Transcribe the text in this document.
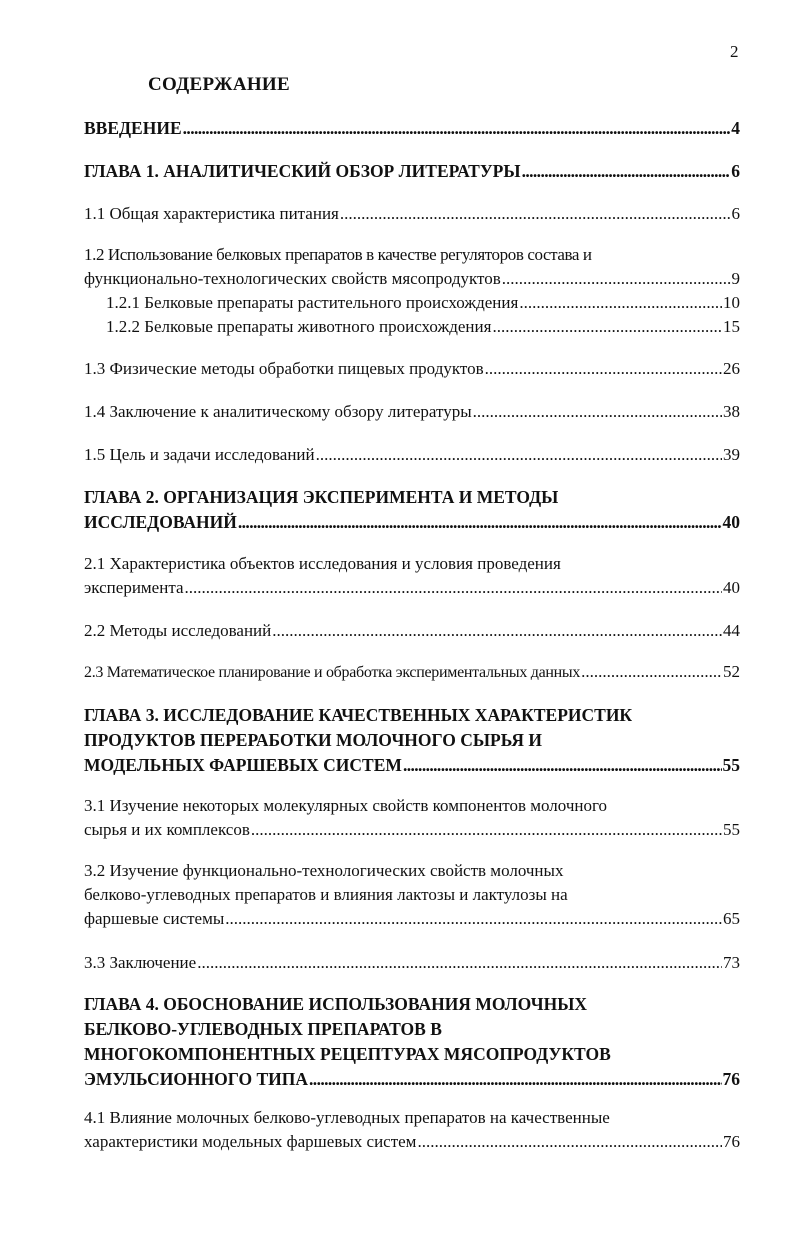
2
СОДЕРЖАНИЕ
ВВЕДЕНИЕ .....	4
ГЛАВА 1. АНАЛИТИЧЕСКИЙ ОБЗОР ЛИТЕРАТУРЫ .....	6
1.1 Общая характеристика питания .....	6
1.2 Использование белковых препаратов в качестве регуляторов состава и
функционально-технологических свойств мясопродуктов .....	9
1.2.1 Белковые препараты растительного происхождения .....	10
1.2.2 Белковые препараты животного происхождения .....	15
1.3 Физические методы обработки пищевых продуктов .....	26
1.4 Заключение к аналитическому обзору литературы .....	38
1.5 Цель и задачи исследований .....	39
ГЛАВА 2. ОРГАНИЗАЦИЯ ЭКСПЕРИМЕНТА И МЕТОДЫ
ИССЛЕДОВАНИЙ .....	40
2.1 Характеристика объектов исследования и условия проведения
эксперимента .....	40
2.2 Методы исследований .....	44
2.3 Математическое планирование и обработка экспериментальных данных .....	52
ГЛАВА 3. ИССЛЕДОВАНИЕ КАЧЕСТВЕННЫХ ХАРАКТЕРИСТИК
ПРОДУКТОВ ПЕРЕРАБОТКИ МОЛОЧНОГО СЫРЬЯ И
МОДЕЛЬНЫХ ФАРШЕВЫХ СИСТЕМ .....	55
3.1 Изучение некоторых молекулярных свойств компонентов молочного
сырья и их комплексов .....	55
3.2 Изучение функционально-технологических свойств молочных
белково-углеводных препаратов и влияния лактозы и лактулозы на
фаршевые системы .....	65
3.3 Заключение .....	73
ГЛАВА 4. ОБОСНОВАНИЕ ИСПОЛЬЗОВАНИЯ МОЛОЧНЫХ
БЕЛКОВО-УГЛЕВОДНЫХ ПРЕПАРАТОВ В
МНОГОКОМПОНЕНТНЫХ РЕЦЕПТУРАХ МЯСОПРОДУКТОВ
ЭМУЛЬСИОННОГО ТИПА .....	76
4.1 Влияние молочных белково-углеводных препаратов на качественные
характеристики модельных фаршевых систем .....	76
